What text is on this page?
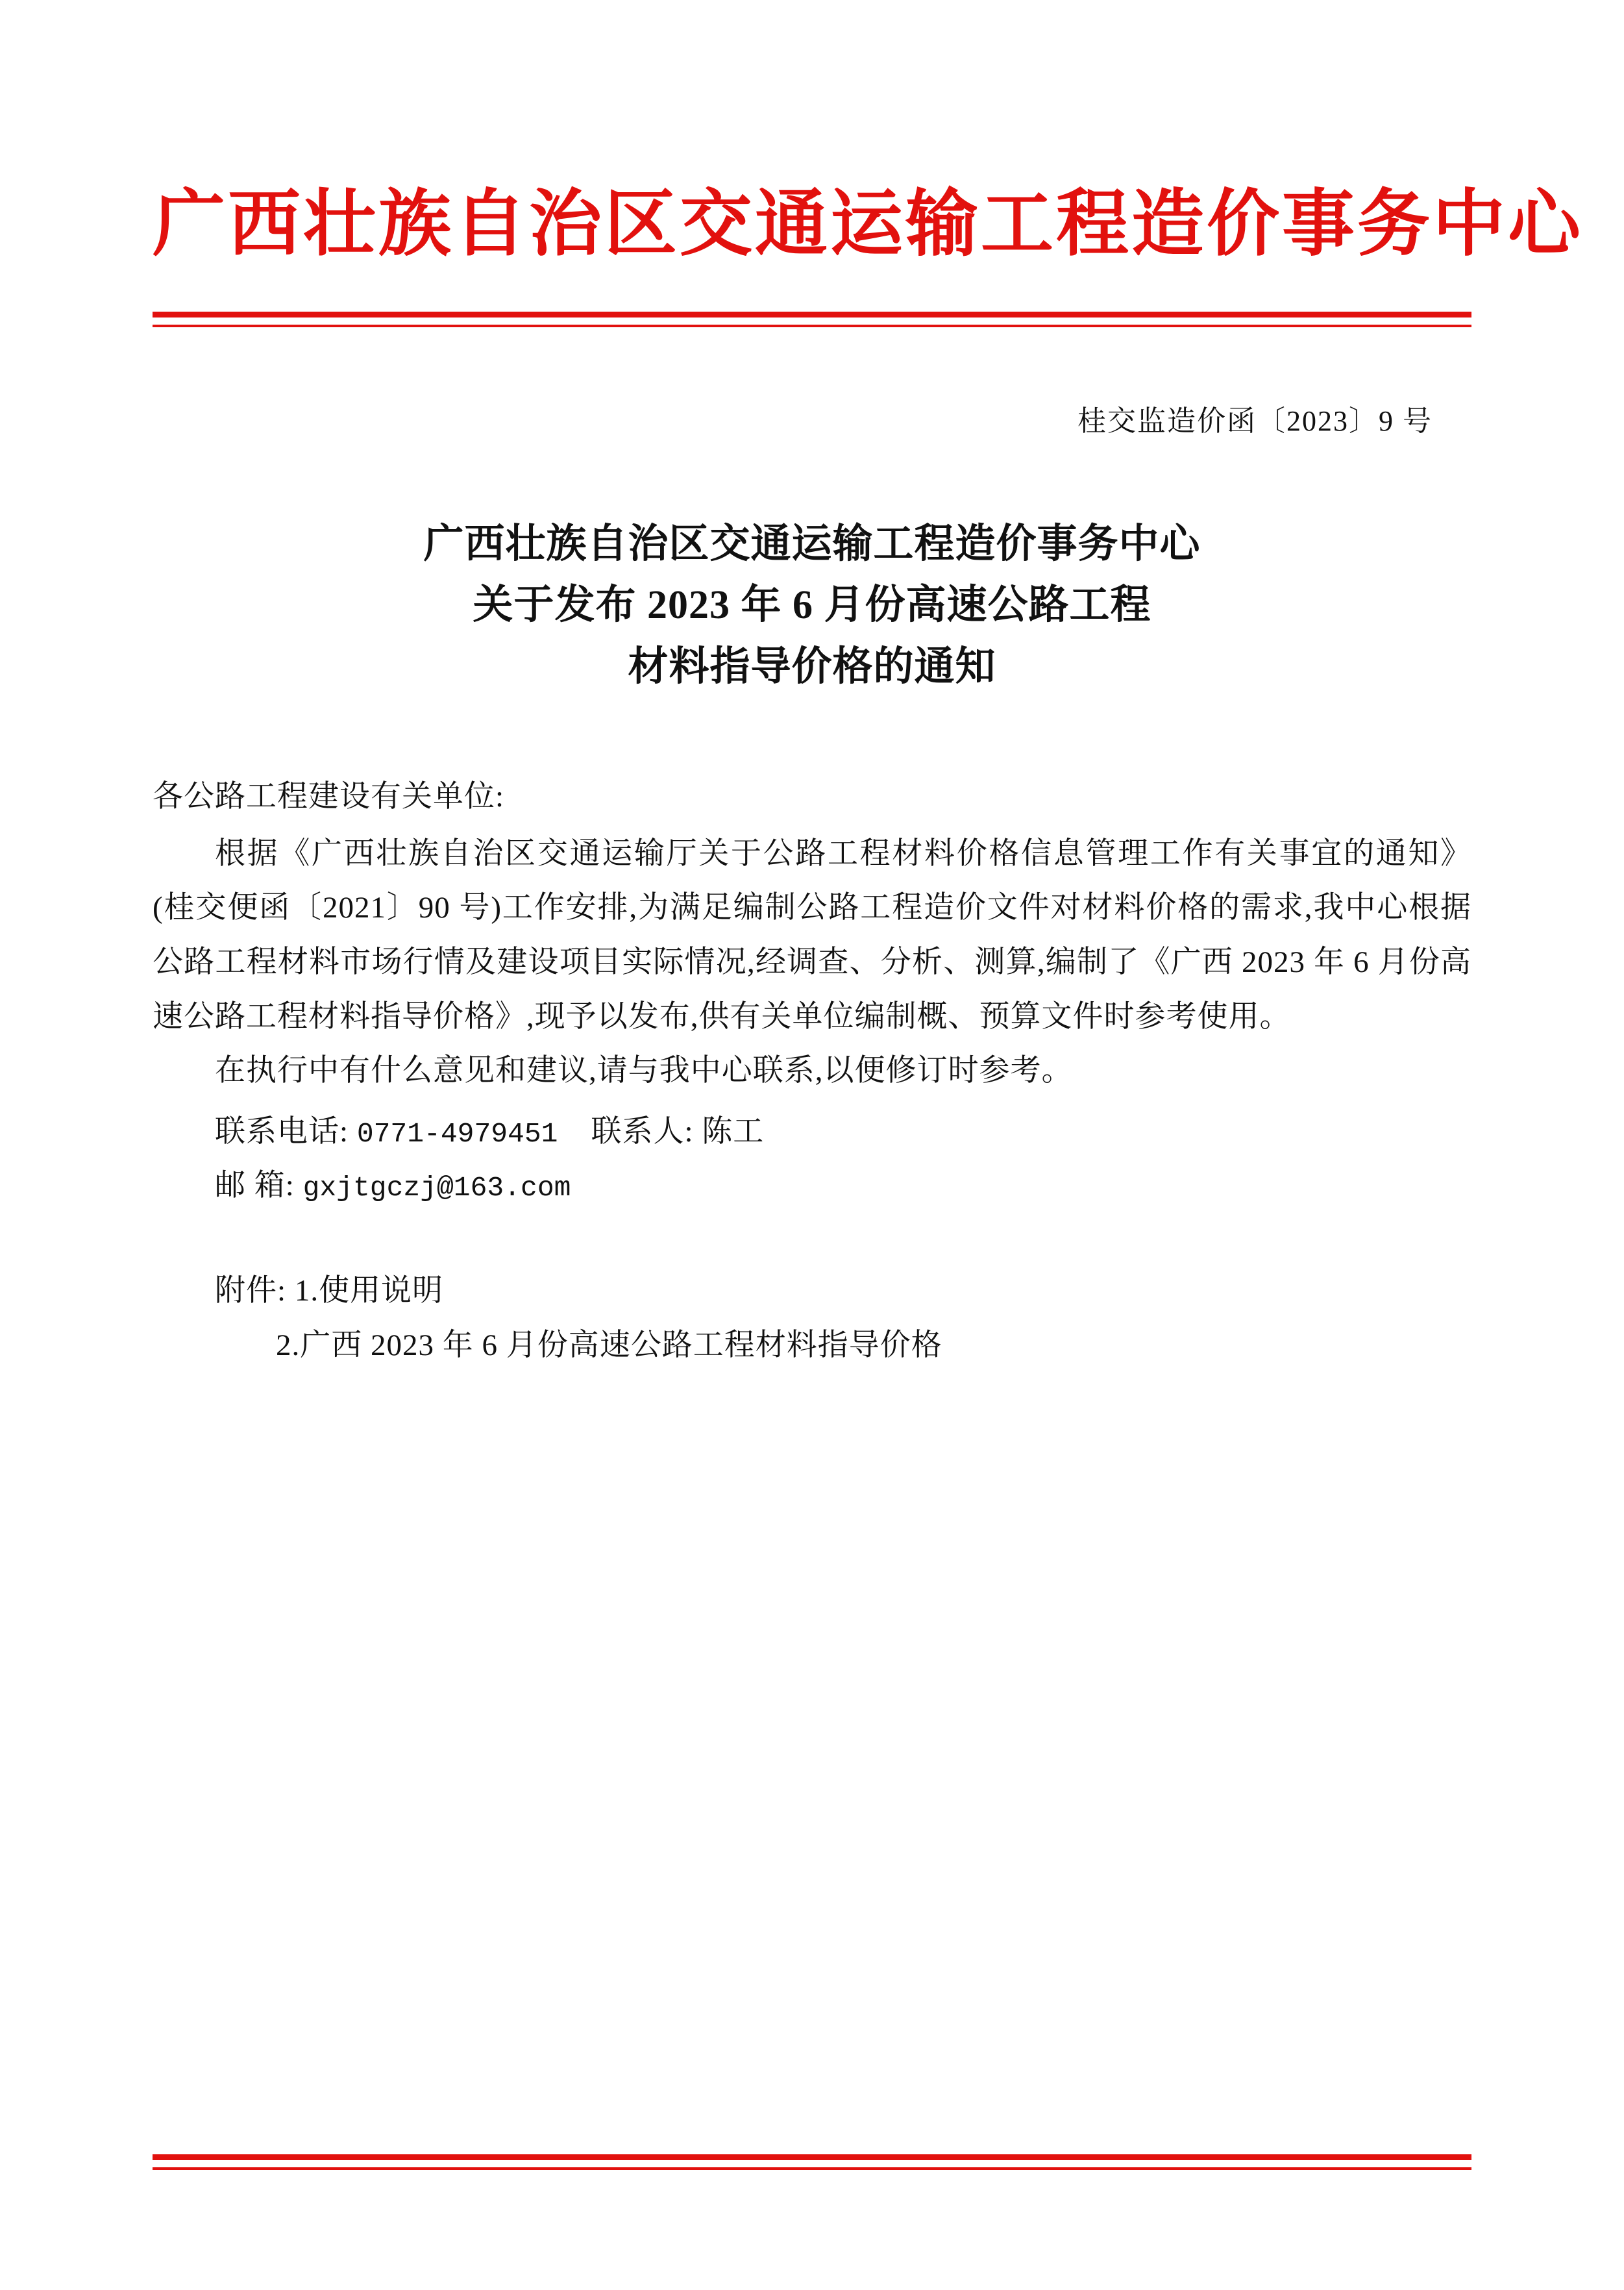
广西壮族自治区交通运输工程造价事务中心
桂交监造价函〔2023〕9 号
广西壮族自治区交通运输工程造价事务中心
关于发布 2023 年 6 月份高速公路工程
材料指导价格的通知

各公路工程建设有关单位:

根据《广西壮族自治区交通运输厅关于公路工程材料价格信息管理工作有关事宜的通知》(桂交便函〔2021〕90 号)工作安排,为满足编制公路工程造价文件对材料价格的需求,我中心根据公路工程材料市场行情及建设项目实际情况,经调查、分析、测算,编制了《广西 2023 年 6 月份高速公路工程材料指导价格》,现予以发布,供有关单位编制概、预算文件时参考使用。

在执行中有什么意见和建议,请与我中心联系,以便修订时参考。

联系电话: 0771-4979451 联系人: 陈工

邮 箱: gxjtgczj@163.com

附件: 1.使用说明

2.广西 2023 年 6 月份高速公路工程材料指导价格
